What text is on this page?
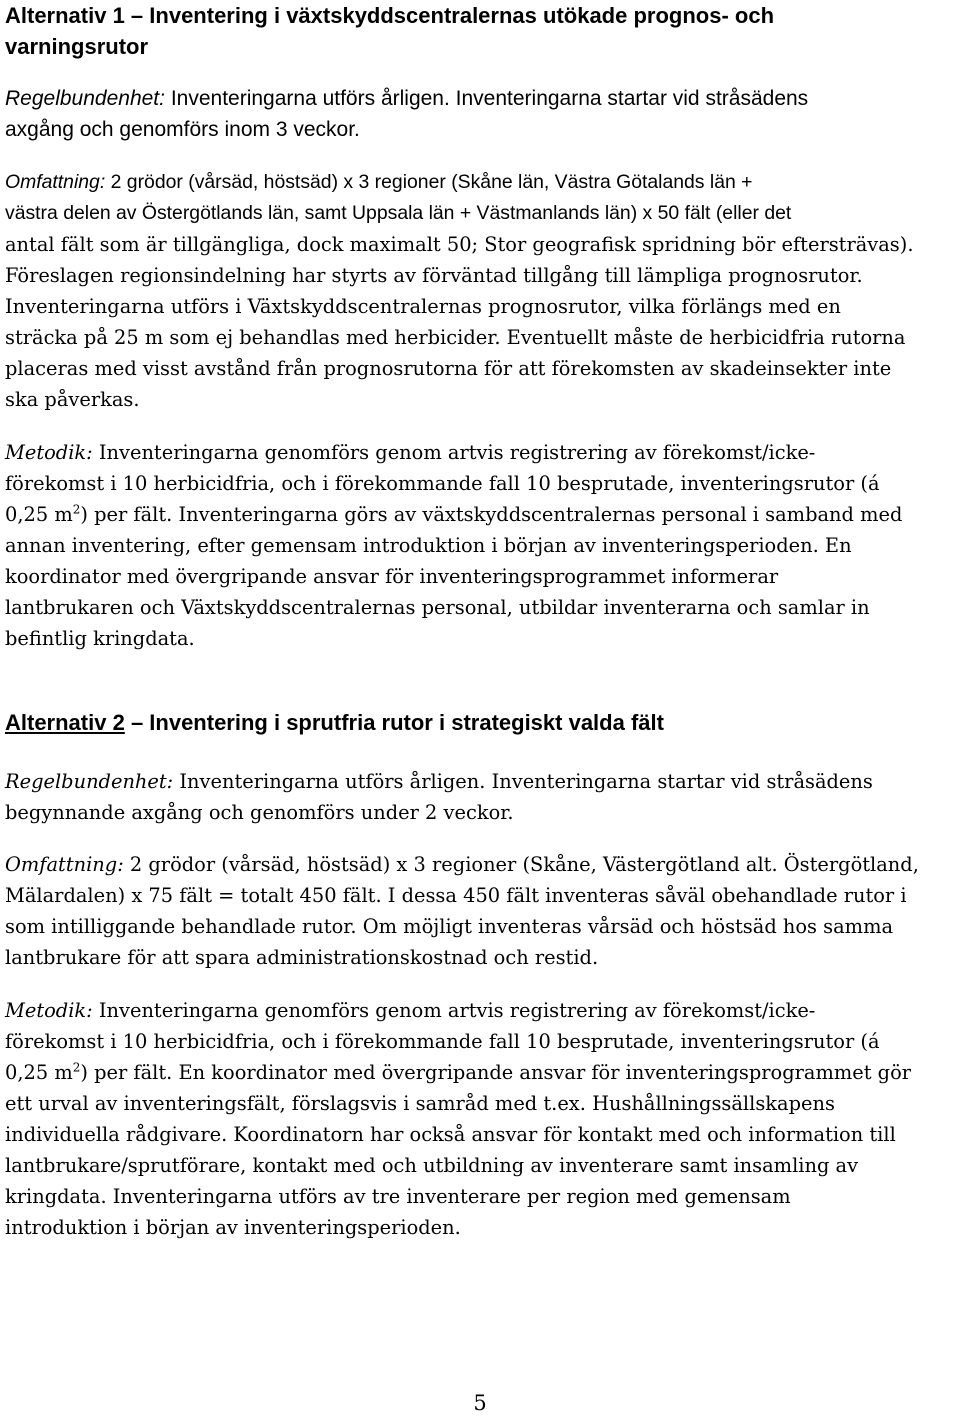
Alternativ 1 – Inventering i växtskyddscentralernas utökade prognos- och
varningsrutor

Regelbundenhet: Inventeringarna utförs årligen. Inventeringarna startar vid stråsädens
axgång och genomförs inom 3 veckor.

Omfattning: 2 grödor (vårsäd, höstsäd) x 3 regioner (Skåne län, Västra Götalands län +
västra delen av Östergötlands län, samt Uppsala län + Västmanlands län) x 50 fält (eller det
antal fält som är tillgängliga, dock maximalt 50; Stor geografisk spridning bör eftersträvas).
Föreslagen regionsindelning har styrts av förväntad tillgång till lämpliga prognosrutor.
Inventeringarna utförs i Växtskyddscentralernas prognosrutor, vilka förlängs med en
sträcka på 25 m som ej behandlas med herbicider. Eventuellt måste de herbicidfria rutorna
placeras med visst avstånd från prognosrutorna för att förekomsten av skadeinsekter inte
ska påverkas.

Metodik: Inventeringarna genomförs genom artvis registrering av förekomst/icke-
förekomst i 10 herbicidfria, och i förekommande fall 10 besprutade, inventeringsrutor (á
0,25 $m^2$) per fält. Inventeringarna görs av växtskyddscentralernas personal i samband med
annan inventering, efter gemensam introduktion i början av inventeringsperioden. En
koordinator med övergripande ansvar för inventeringsprogrammet informerar
lantbrukaren och Växtskyddscentralernas personal, utbildar inventerarna och samlar in
befintlig kringdata.

Alternativ 2 – Inventering i sprutfria rutor i strategiskt valda fält

Regelbundenhet: Inventeringarna utförs årligen. Inventeringarna startar vid stråsädens
begynnande axgång och genomförs under 2 veckor.

Omfattning: 2 grödor (vårsäd, höstsäd) x 3 regioner (Skåne, Västergötland alt. Östergötland,
Mälardalen) x 75 fält = totalt 450 fält. I dessa 450 fält inventeras såväl obehandlade rutor i
som intilliggande behandlade rutor. Om möjligt inventeras vårsäd och höstsäd hos samma
lantbrukare för att spara administrationskostnad och restid.

Metodik: Inventeringarna genomförs genom artvis registrering av förekomst/icke-
förekomst i 10 herbicidfria, och i förekommande fall 10 besprutade, inventeringsrutor (á
0,25 $m^2$) per fält. En koordinator med övergripande ansvar för inventeringsprogrammet gör
ett urval av inventeringsfält, förslagsvis i samråd med t.ex. Hushållningssällskapens
individuella rådgivare. Koordinatorn har också ansvar för kontakt med och information till
lantbrukare/sprutförare, kontakt med och utbildning av inventerare samt insamling av
kringdata. Inventeringarna utförs av tre inventerare per region med gemensam
introduktion i början av inventeringsperioden.

5
